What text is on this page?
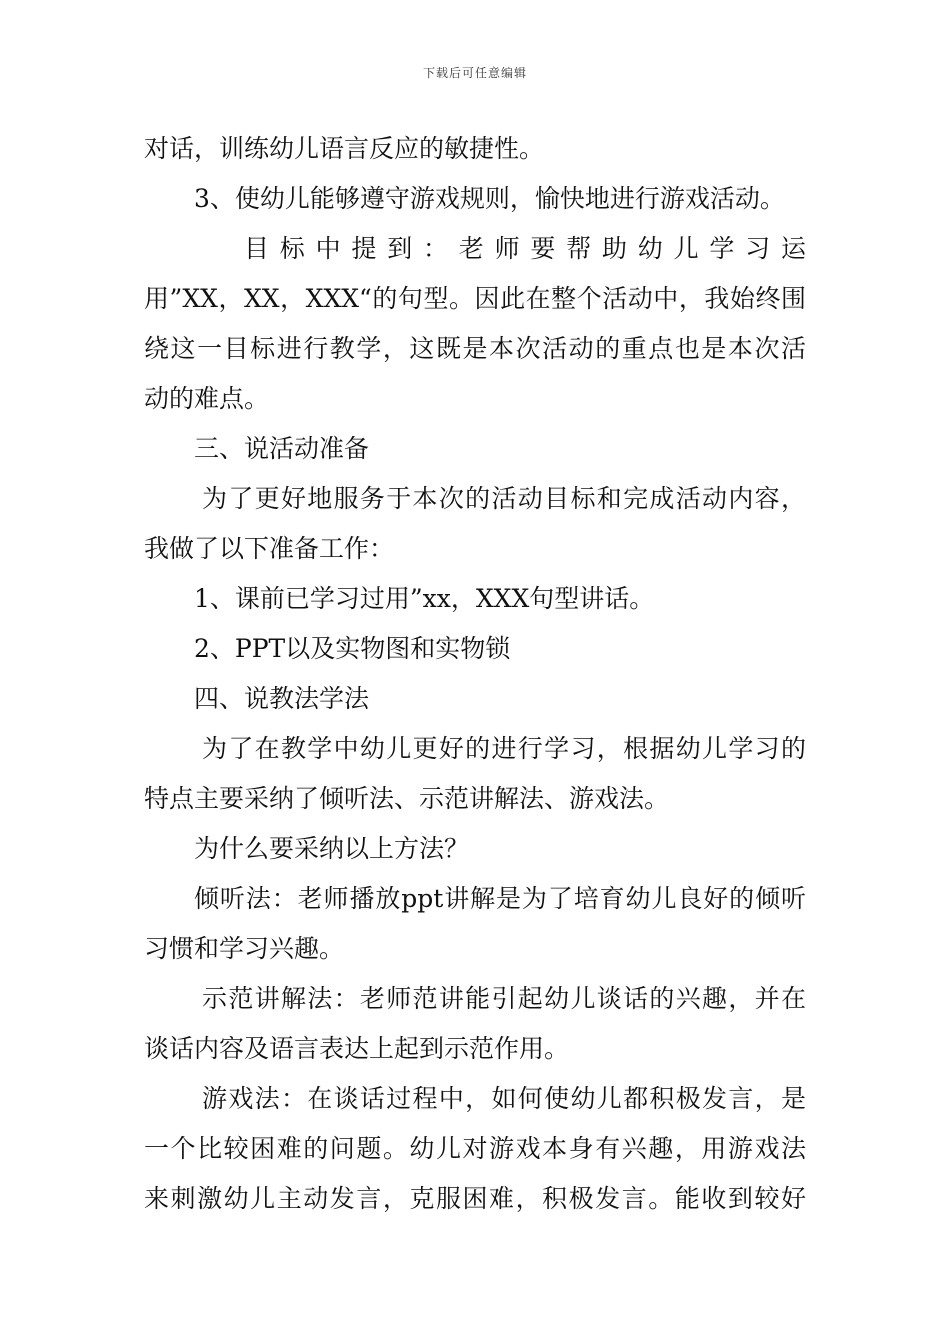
下载后可任意编辑
对话，训练幼儿语言反应的敏捷性。
3、使幼儿能够遵守游戏规则，愉快地进行游戏活动。
目标中提到：老师要帮助幼儿学习运
用”XX，XX，XXX“的句型。因此在整个活动中，我始终围
绕这一目标进行教学，这既是本次活动的重点也是本次活
动的难点。
三、说活动准备
为了更好地服务于本次的活动目标和完成活动内容，
我做了以下准备工作：
1、课前已学习过用”xx，XXX句型讲话。
2、PPT以及实物图和实物锁
四、说教法学法
为了在教学中幼儿更好的进行学习，根据幼儿学习的
特点主要采纳了倾听法、示范讲解法、游戏法。
为什么要采纳以上方法？
倾听法：老师播放ppt讲解是为了培育幼儿良好的倾听
习惯和学习兴趣。
示范讲解法：老师范讲能引起幼儿谈话的兴趣，并在
谈话内容及语言表达上起到示范作用。
游戏法：在谈话过程中，如何使幼儿都积极发言，是
一个比较困难的问题。幼儿对游戏本身有兴趣，用游戏法
来刺激幼儿主动发言，克服困难，积极发言。能收到较好
